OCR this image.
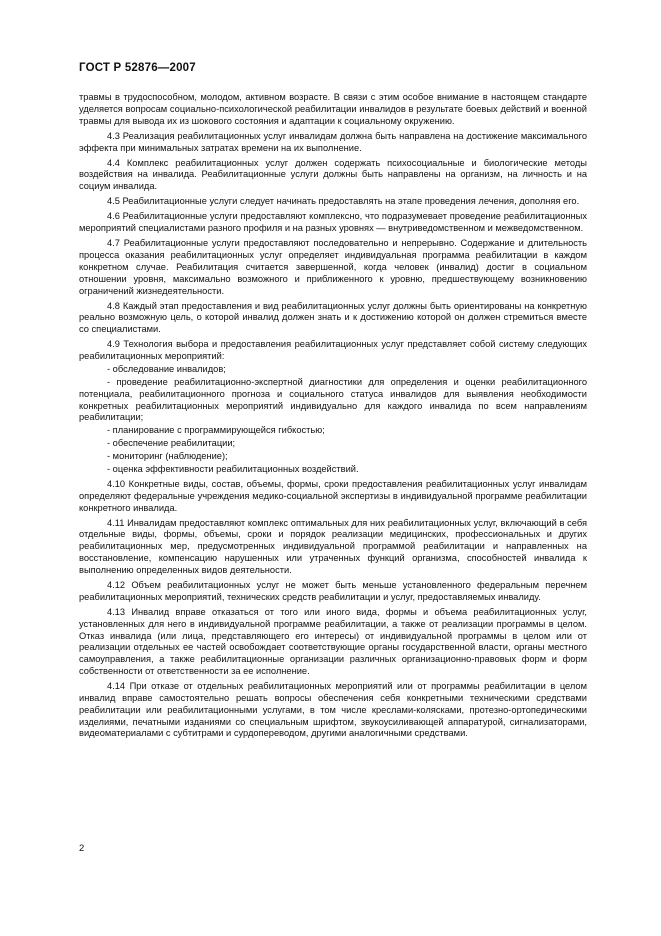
ГОСТ Р 52876—2007

травмы в трудоспособном, молодом, активном возрасте. В связи с этим особое внимание в настоящем стандарте уделяется вопросам социально-психологической реабилитации инвалидов в результате боевых действий и военной травмы для вывода их из шокового состояния и адаптации к социальному окружению.

4.3 Реализация реабилитационных услуг инвалидам должна быть направлена на достижение максимального эффекта при минимальных затратах времени на их выполнение.

4.4 Комплекс реабилитационных услуг должен содержать психосоциальные и биологические методы воздействия на инвалида. Реабилитационные услуги должны быть направлены на организм, на личность и на социум инвалида.

4.5 Реабилитационные услуги следует начинать предоставлять на этапе проведения лечения, дополняя его.

4.6 Реабилитационные услуги предоставляют комплексно, что подразумевает проведение реабилитационных мероприятий специалистами разного профиля и на разных уровнях — внутриведомственном и межведомственном.

4.7 Реабилитационные услуги предоставляют последовательно и непрерывно. Содержание и длительность процесса оказания реабилитационных услуг определяет индивидуальная программа реабилитации в каждом конкретном случае. Реабилитация считается завершенной, когда человек (инвалид) достиг в социальном отношении уровня, максимально возможного и приближенного к уровню, предшествующему возникновению ограничений жизнедеятельности.

4.8 Каждый этап предоставления и вид реабилитационных услуг должны быть ориентированы на конкретную реально возможную цель, о которой инвалид должен знать и к достижению которой он должен стремиться вместе со специалистами.

4.9 Технология выбора и предоставления реабилитационных услуг представляет собой систему следующих реабилитационных мероприятий:

- обследование инвалидов;

- проведение реабилитационно-экспертной диагностики для определения и оценки реабилитационного потенциала, реабилитационного прогноза и социального статуса инвалидов для выявления необходимости конкретных реабилитационных мероприятий индивидуально для каждого инвалида по всем направлениям реабилитации;

- планирование с программирующейся гибкостью;

- обеспечение реабилитации;

- мониторинг (наблюдение);

- оценка эффективности реабилитационных воздействий.

4.10 Конкретные виды, состав, объемы, формы, сроки предоставления реабилитационных услуг инвалидам определяют федеральные учреждения медико-социальной экспертизы в индивидуальной программе реабилитации конкретного инвалида.

4.11 Инвалидам предоставляют комплекс оптимальных для них реабилитационных услуг, включающий в себя отдельные виды, формы, объемы, сроки и порядок реализации медицинских, профессиональных и других реабилитационных мер, предусмотренных индивидуальной программой реабилитации и направленных на восстановление, компенсацию нарушенных или утраченных функций организма, способностей инвалида к выполнению определенных видов деятельности.

4.12 Объем реабилитационных услуг не может быть меньше установленного федеральным перечнем реабилитационных мероприятий, технических средств реабилитации и услуг, предоставляемых инвалиду.

4.13 Инвалид вправе отказаться от того или иного вида, формы и объема реабилитационных услуг, установленных для него в индивидуальной программе реабилитации, а также от реализации программы в целом. Отказ инвалида (или лица, представляющего его интересы) от индивидуальной программы в целом или от реализации отдельных ее частей освобождает соответствующие органы государственной власти, органы местного самоуправления, а также реабилитационные организации различных организационно-правовых форм и форм собственности от ответственности за ее исполнение.

4.14 При отказе от отдельных реабилитационных мероприятий или от программы реабилитации в целом инвалид вправе самостоятельно решать вопросы обеспечения себя конкретными техническими средствами реабилитации или реабилитационными услугами, в том числе креслами-колясками, протезно-ортопедическими изделиями, печатными изданиями со специальным шрифтом, звукоусиливающей аппаратурой, сигнализаторами, видеоматериалами с субтитрами и сурдопереводом, другими аналогичными средствами.

2
